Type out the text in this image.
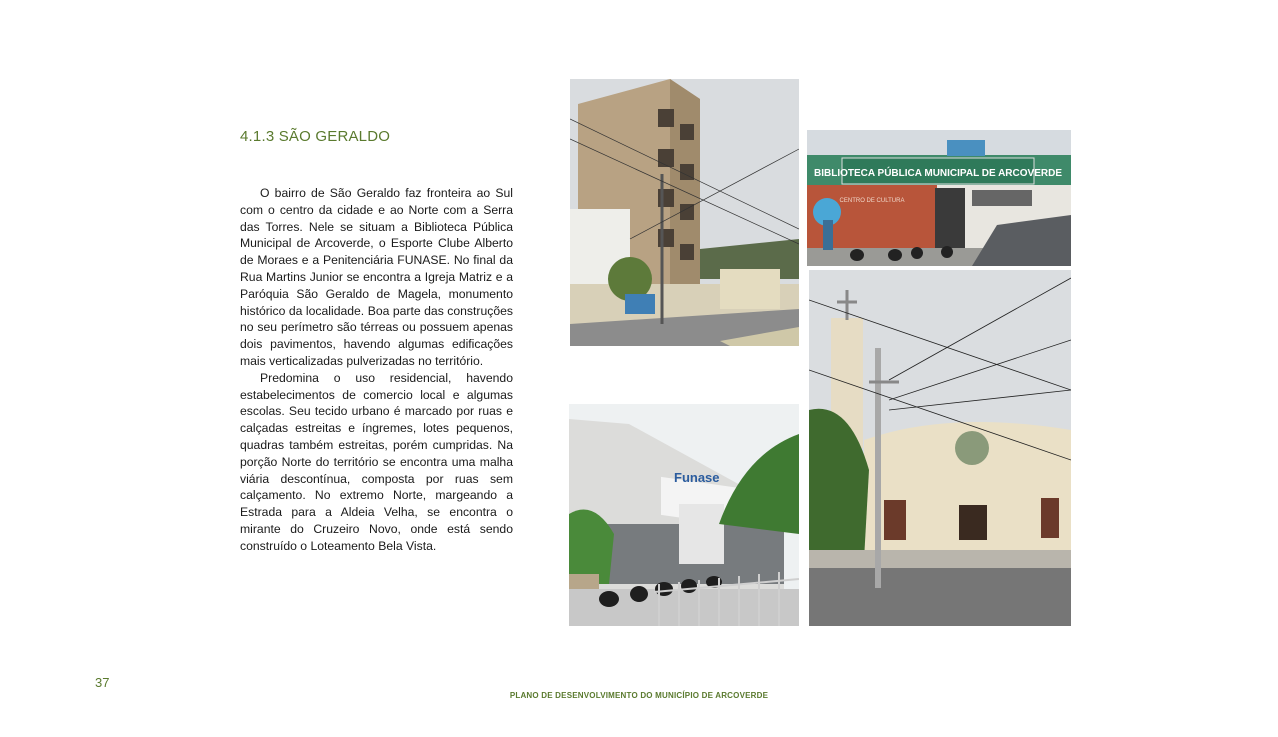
4.1.3 SÃO GERALDO

O bairro de São Geraldo faz fronteira ao Sul com o centro da cidade e ao Norte com a Serra das Torres. Nele se situam a Biblioteca Pública Municipal de Arcoverde, o Esporte Clube Alberto de Moraes e a Penitenciária FUNASE. No final da Rua Martins Junior se encontra a Igreja Matriz e a Paróquia São Geraldo de Magela, monumento histórico da localidade. Boa parte das construções no seu perímetro são térreas ou possuem apenas dois pavimentos, havendo algumas edificações mais verticalizadas pulverizadas no território.

Predomina o uso residencial, havendo estabelecimentos de comercio local e algumas escolas. Seu tecido urbano é marcado por ruas e calçadas estreitas e íngremes, lotes pequenos, quadras também estreitas, porém cumpridas. Na porção Norte do território se encontra uma malha viária descontínua, composta por ruas sem calçamento. No extremo Norte, margeando a Estrada para a Aldeia Velha, se encontra o mirante do Cruzeiro Novo, onde está sendo construído o Loteamento Bela Vista.

BIBLIOTECA PÚBLICA MUNICIPAL DE ARCOVERDE
CENTRO DE CULTURA
Funase
37
PLANO DE DESENVOLVIMENTO DO MUNICÍPIO DE ARCOVERDE
